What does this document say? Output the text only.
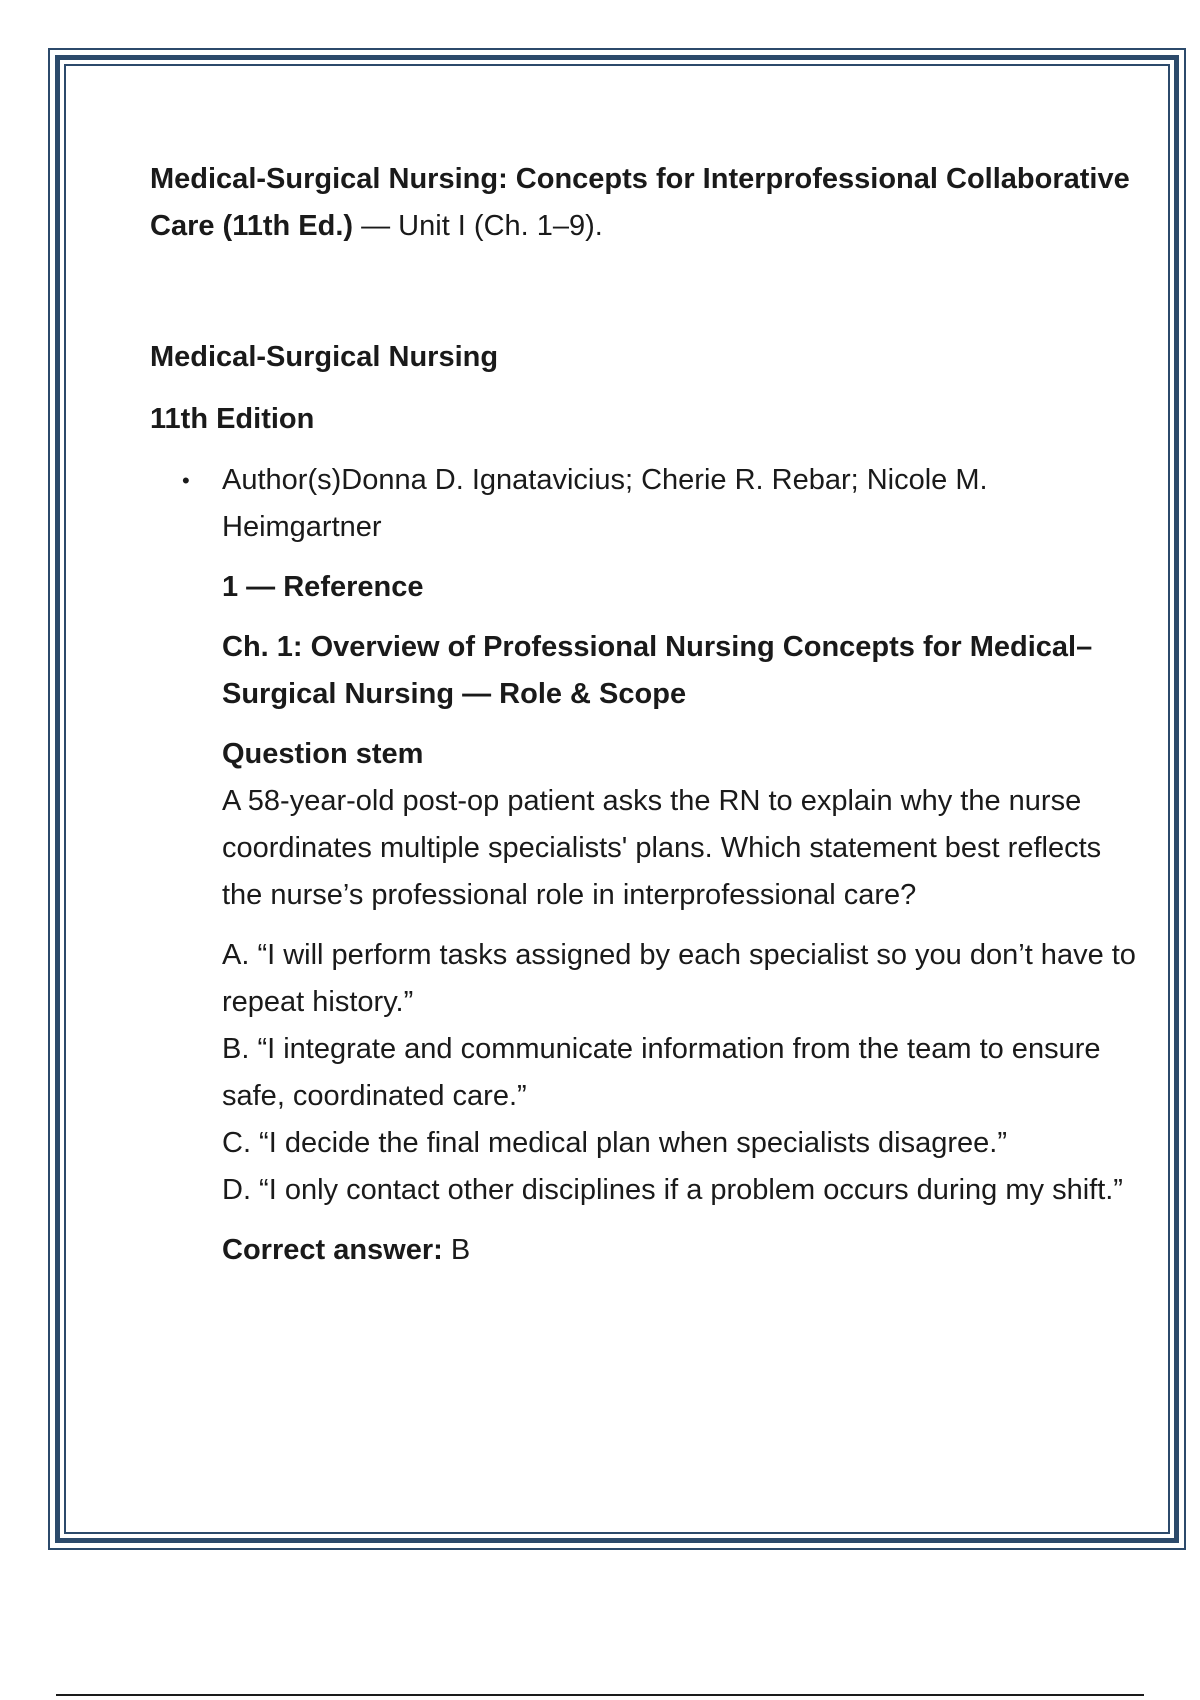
Medical-Surgical Nursing: Concepts for Interprofessional Collaborative Care (11th Ed.) — Unit I (Ch. 1–9).

Medical-Surgical Nursing

11th Edition

• Author(s)Donna D. Ignatavicius; Cherie R. Rebar; Nicole M. Heimgartner

1 — Reference

Ch. 1: Overview of Professional Nursing Concepts for Medical–Surgical Nursing — Role & Scope

Question stem

A 58-year-old post-op patient asks the RN to explain why the nurse coordinates multiple specialists' plans. Which statement best reflects the nurse’s professional role in interprofessional care?

A. “I will perform tasks assigned by each specialist so you don’t have to repeat history.”

B. “I integrate and communicate information from the team to ensure safe, coordinated care.”

C. “I decide the final medical plan when specialists disagree.”

D. “I only contact other disciplines if a problem occurs during my shift.”

Correct answer: B
